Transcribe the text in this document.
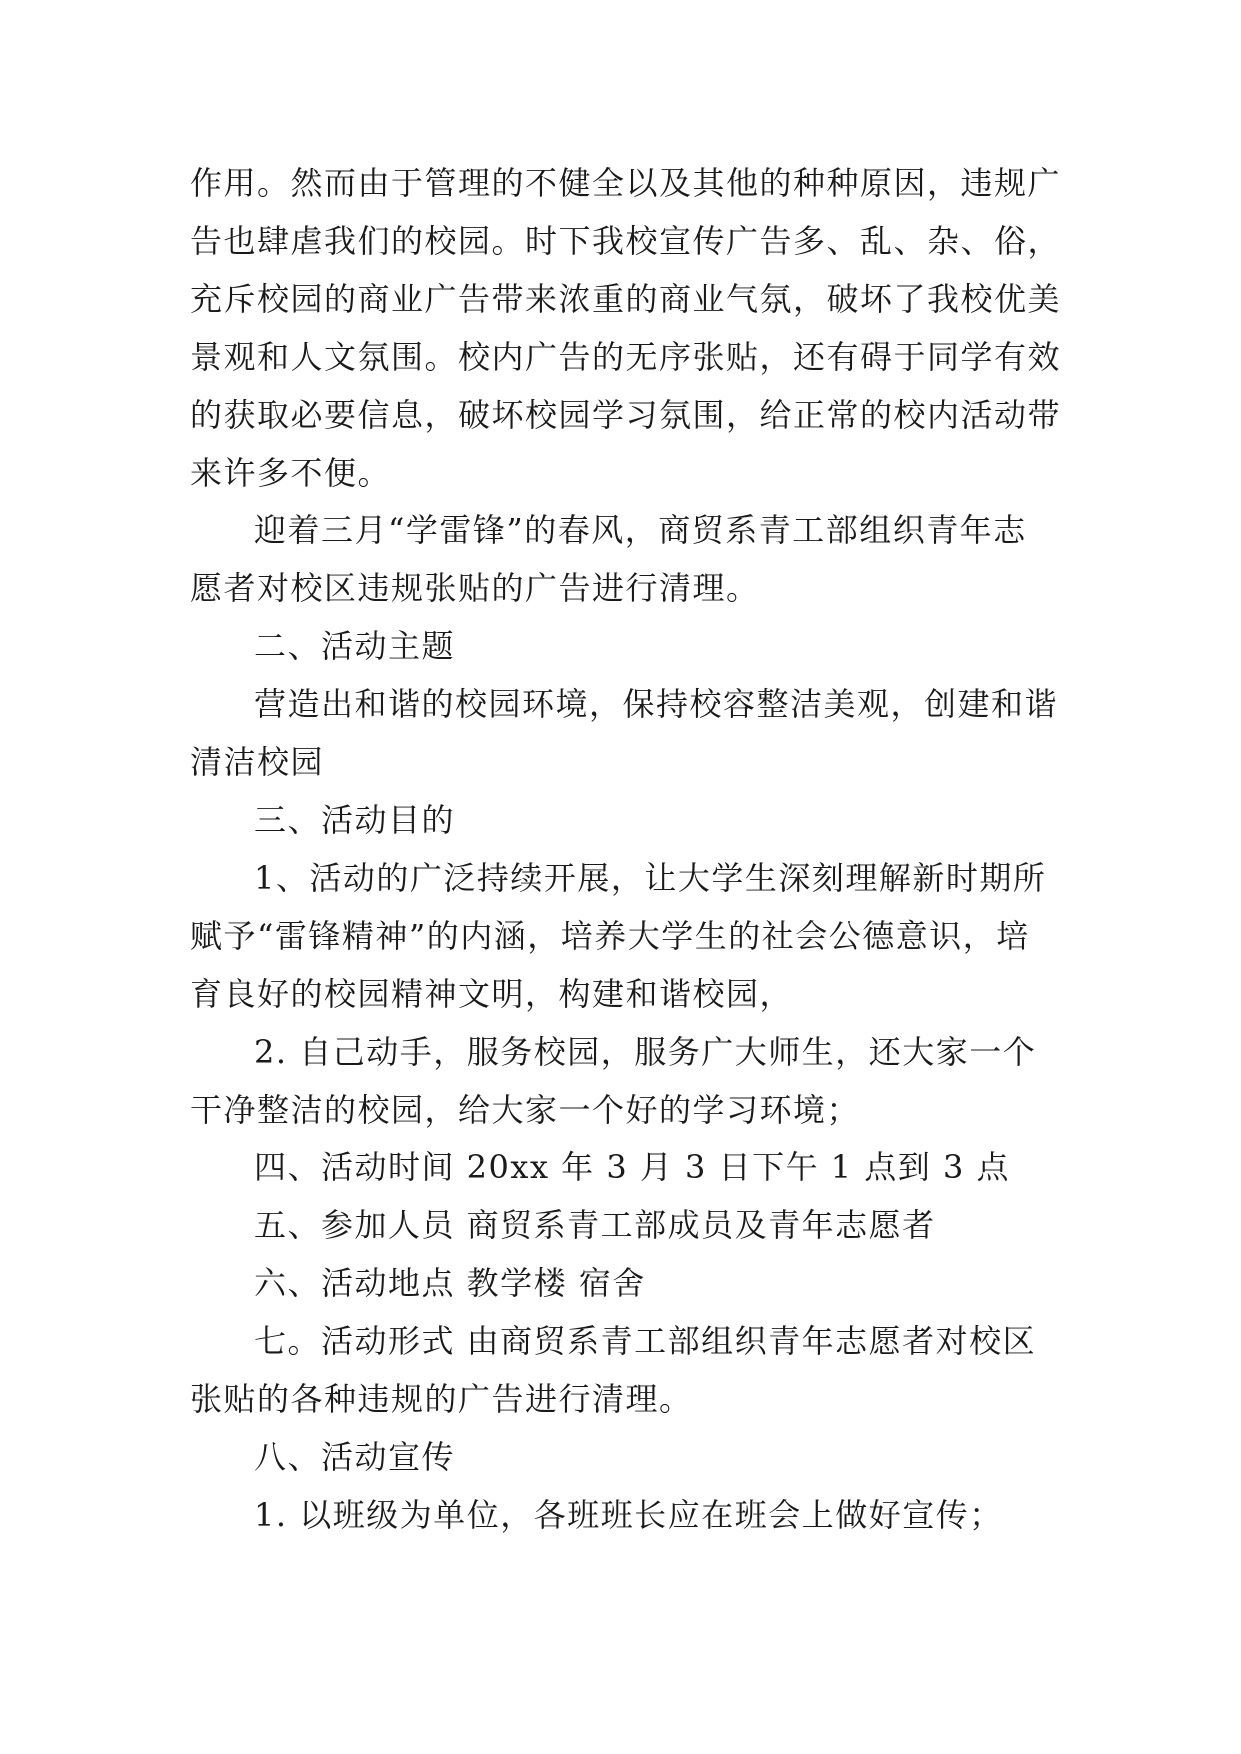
作用。然而由于管理的不健全以及其他的种种原因，违规广
告也肆虐我们的校园。时下我校宣传广告多、乱、杂、俗，
充斥校园的商业广告带来浓重的商业气氛，破坏了我校优美
景观和人文氛围。校内广告的无序张贴，还有碍于同学有效
的获取必要信息，破坏校园学习氛围，给正常的校内活动带
来许多不便。

迎着三月“学雷锋”的春风，商贸系青工部组织青年志
愿者对校区违规张贴的广告进行清理。

二、活动主题

营造出和谐的校园环境，保持校容整洁美观，创建和谐
清洁校园

三、活动目的

1、活动的广泛持续开展，让大学生深刻理解新时期所
赋予“雷锋精神”的内涵，培养大学生的社会公德意识，培
育良好的校园精神文明，构建和谐校园，

2. 自己动手，服务校园，服务广大师生，还大家一个
干净整洁的校园，给大家一个好的学习环境；

四、活动时间 20xx 年 3 月 3 日下午 1 点到 3 点

五、参加人员 商贸系青工部成员及青年志愿者

六、活动地点 教学楼 宿舍

七。活动形式 由商贸系青工部组织青年志愿者对校区
张贴的各种违规的广告进行清理。

八、活动宣传

1. 以班级为单位，各班班长应在班会上做好宣传；
